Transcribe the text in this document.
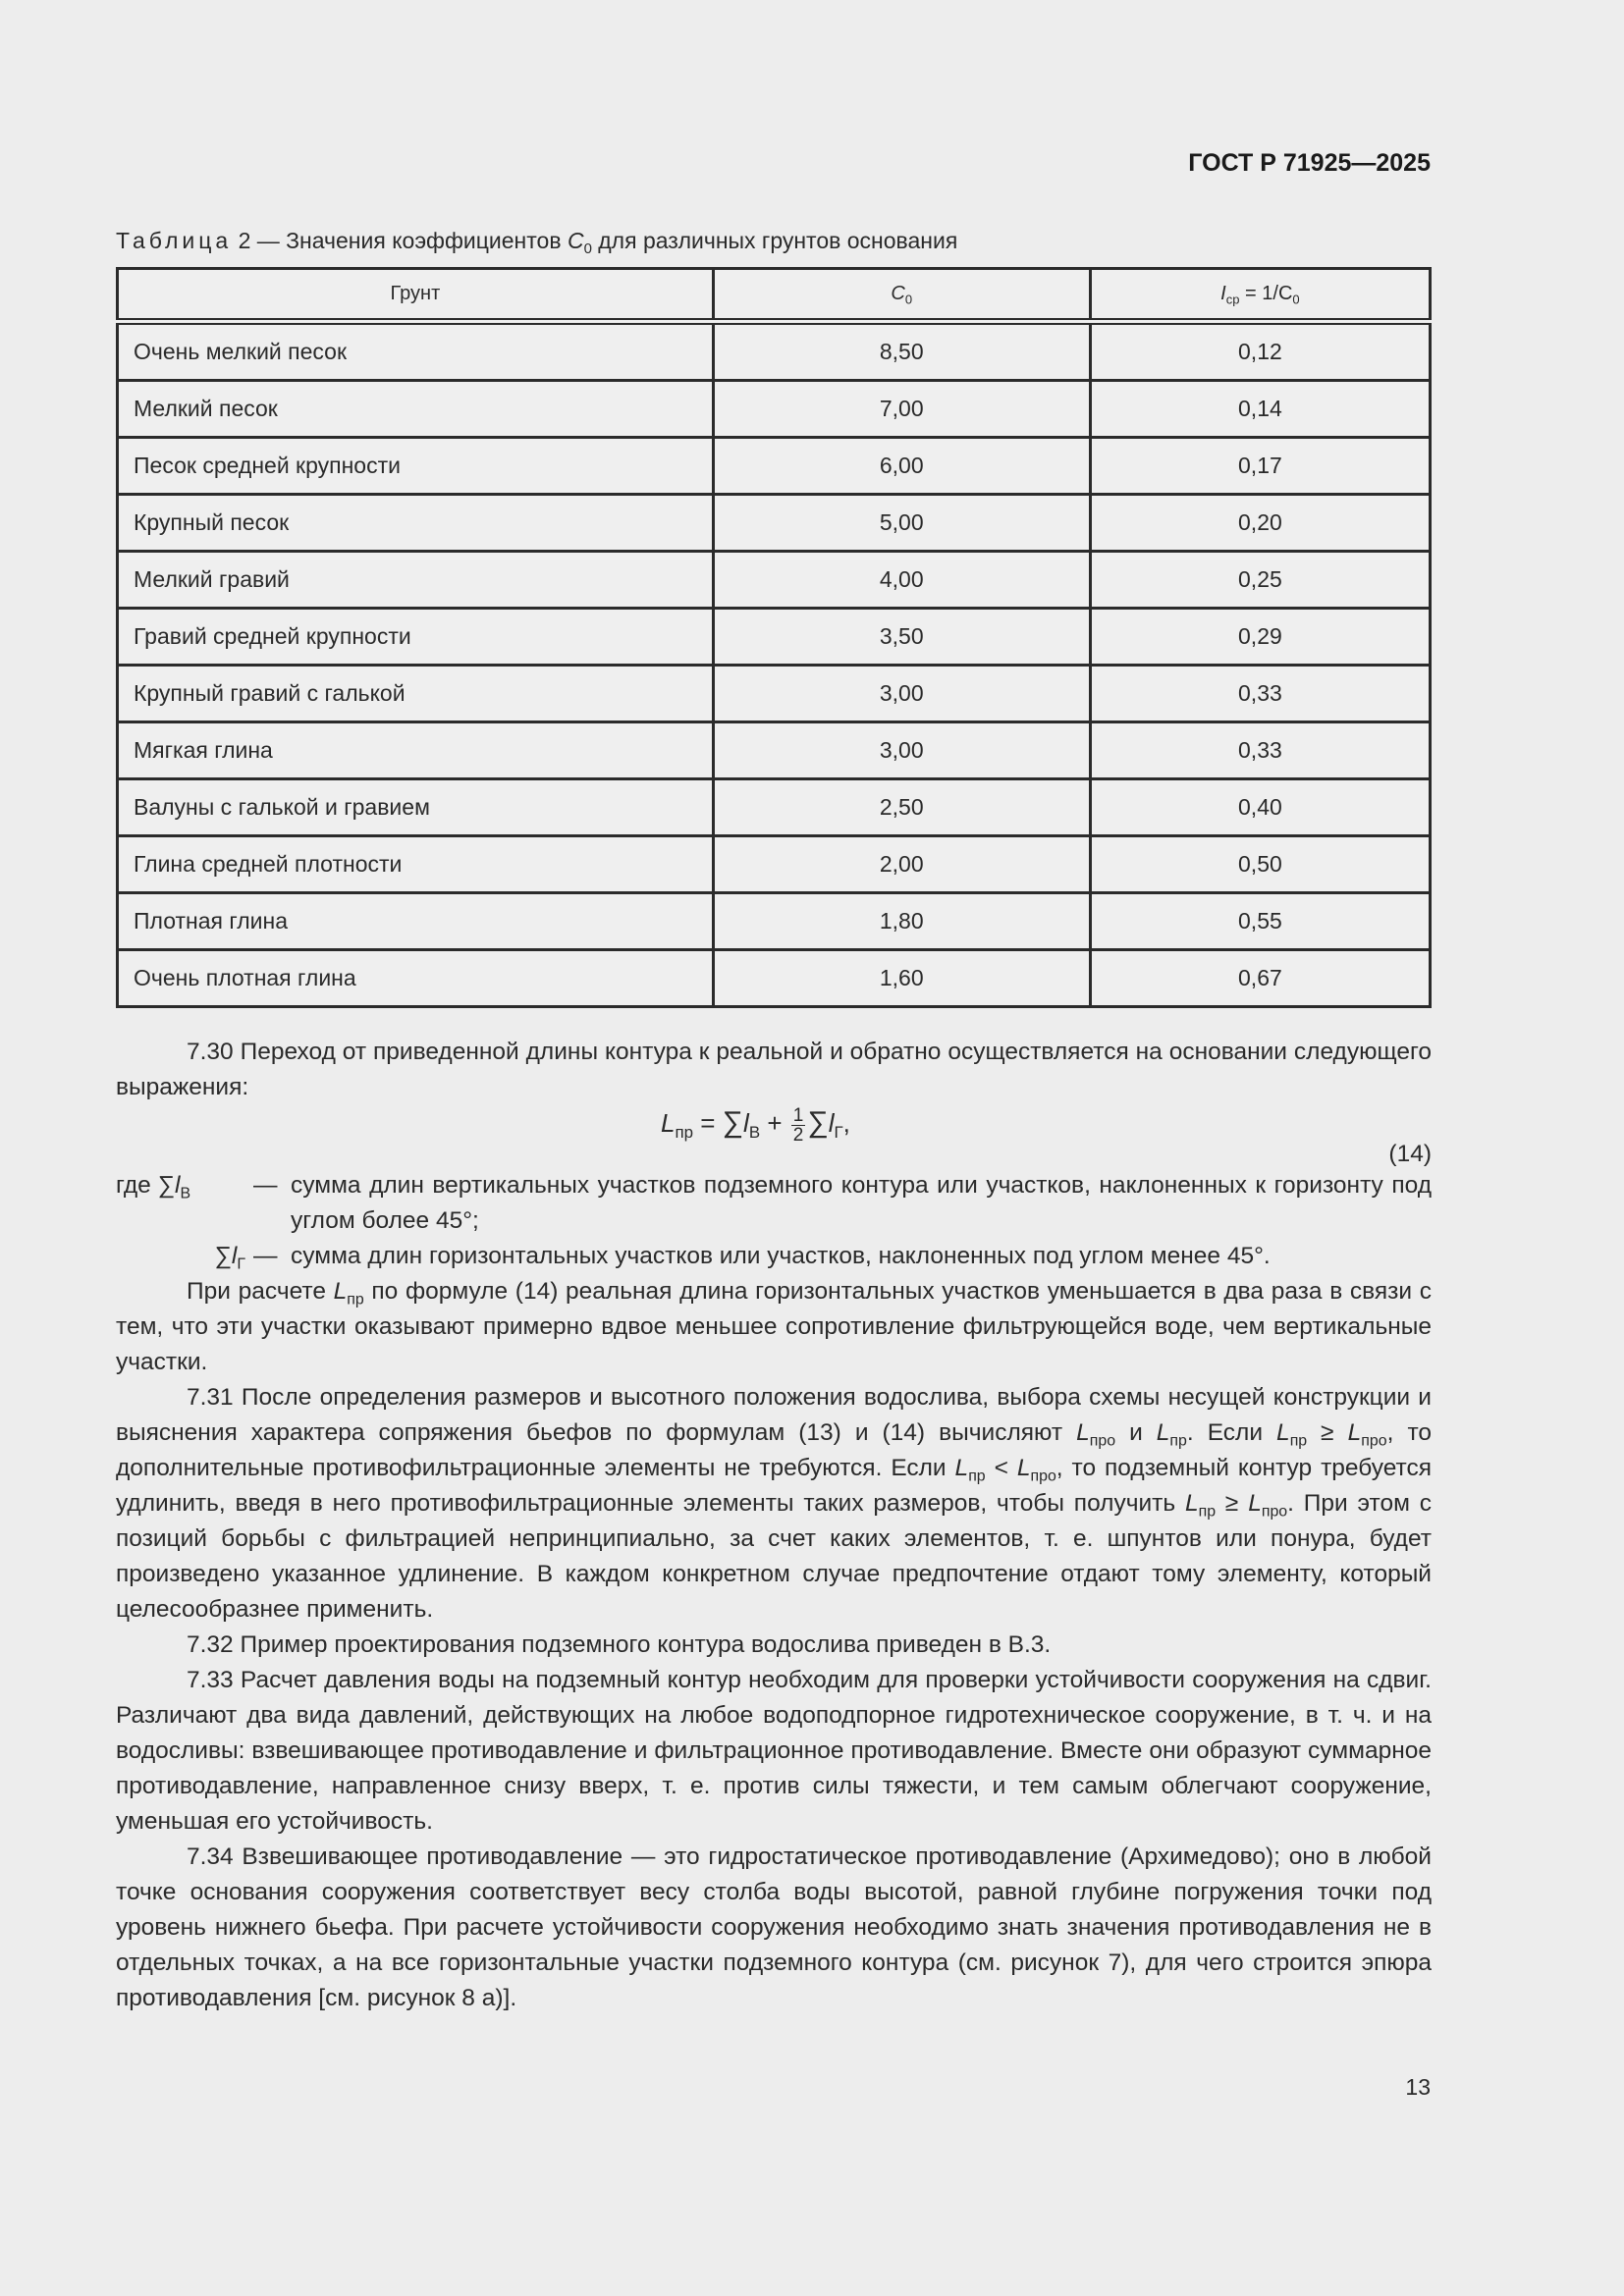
ГОСТ Р 71925—2025
Таблица 2 — Значения коэффициентов $C_0$ для различных грунтов основания
Грунт	$C_0$	$I_{ср} = 1/C_0$
Очень мелкий песок	8,50	0,12
Мелкий песок	7,00	0,14
Песок средней крупности	6,00	0,17
Крупный песок	5,00	0,20
Мелкий гравий	4,00	0,25
Гравий средней крупности	3,50	0,29
Крупный гравий с галькой	3,00	0,33
Мягкая глина	3,00	0,33
Валуны с галькой и гравием	2,50	0,40
Глина средней плотности	2,00	0,50
Плотная глина	1,80	0,55
Очень плотная глина	1,60	0,67

7.30 Переход от приведенной длины контура к реальной и обратно осуществляется на основании следующего выражения:

$L_{пр} = \sum l_В + \frac{1}{2} \sum l_Г$,
(14)
где $\sum l_В$	— сумма длин вертикальных участков подземного контура или участков, наклоненных к горизонту под углом более 45°;
$\sum l_Г$ — сумма длин горизонтальных участков или участков, наклоненных под углом менее 45°.

При расчете $L_{пр}$ по формуле (14) реальная длина горизонтальных участков уменьшается в два раза в связи с тем, что эти участки оказывают примерно вдвое меньшее сопротивление фильтрующейся воде, чем вертикальные участки.

7.31 После определения размеров и высотного положения водослива, выбора схемы несущей конструкции и выяснения характера сопряжения бьефов по формулам (13) и (14) вычисляют $L_{про}$ и $L_{пр}$. Если $L_{пр} \ge L_{про}$, то дополнительные противофильтрационные элементы не требуются. Если $L_{пр} < L_{про}$, то подземный контур требуется удлинить, введя в него противофильтрационные элементы таких размеров, чтобы получить $L_{пр} \ge L_{про}$. При этом с позиций борьбы с фильтрацией непринципиально, за счет каких элементов, т. е. шпунтов или понура, будет произведено указанное удлинение. В каждом конкретном случае предпочтение отдают тому элементу, который целесообразнее применить.

7.32 Пример проектирования подземного контура водослива приведен в В.3.

7.33 Расчет давления воды на подземный контур необходим для проверки устойчивости сооружения на сдвиг. Различают два вида давлений, действующих на любое водоподпорное гидротехническое сооружение, в т. ч. и на водосливы: взвешивающее противодавление и фильтрационное противодавление. Вместе они образуют суммарное противодавление, направленное снизу вверх, т. е. против силы тяжести, и тем самым облегчают сооружение, уменьшая его устойчивость.

7.34 Взвешивающее противодавление — это гидростатическое противодавление (Архимедово); оно в любой точке основания сооружения соответствует весу столба воды высотой, равной глубине погружения точки под уровень нижнего бьефа. При расчете устойчивости сооружения необходимо знать значения противодавления не в отдельных точках, а на все горизонтальные участки подземного контура (см. рисунок 7), для чего строится эпюра противодавления [см. рисунок 8 а)].

13
